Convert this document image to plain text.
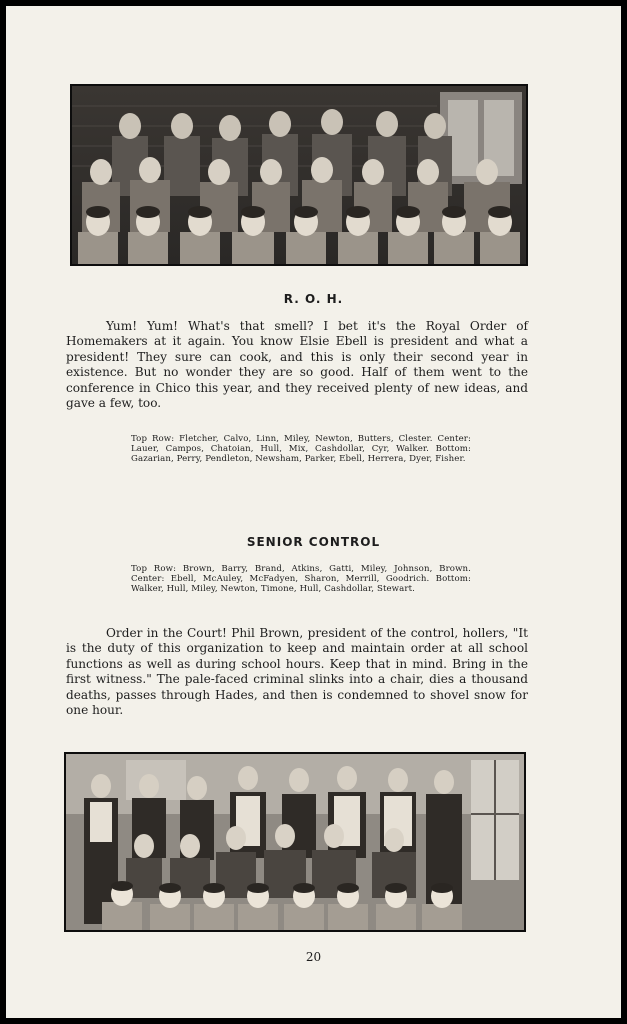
R. O. H.

Yum! Yum! What's that smell? I bet it's the Royal Order of Homemakers at it again. You know Elsie Ebell is president and what a president! They sure can cook, and this is only their second year in existence. But no wonder they are so good. Half of them went to the conference in Chico this year, and they received plenty of new ideas, and gave a few, too.

Top Row: Fletcher, Calvo, Linn, Miley, Newton, Butters, Clester. Center: Lauer, Campos, Chatoian, Hull, Mix, Cashdollar, Cyr, Walker. Bottom: Gazarian, Perry, Pendleton, Newsham, Parker, Ebell, Herrera, Dyer, Fisher.

SENIOR CONTROL

Top Row: Brown, Barry, Brand, Atkins, Gatti, Miley, Johnson, Brown. Center: Ebell, McAuley, McFadyen, Sharon, Merrill, Goodrich. Bottom: Walker, Hull, Miley, Newton, Timone, Hull, Cashdollar, Stewart.

Order in the Court! Phil Brown, president of the control, hollers, "It is the duty of this organization to keep and maintain order at all school functions as well as during school hours. Keep that in mind. Bring in the first witness." The pale-faced criminal slinks into a chair, dies a thousand deaths, passes through Hades, and then is condemned to shovel snow for one hour.

20
